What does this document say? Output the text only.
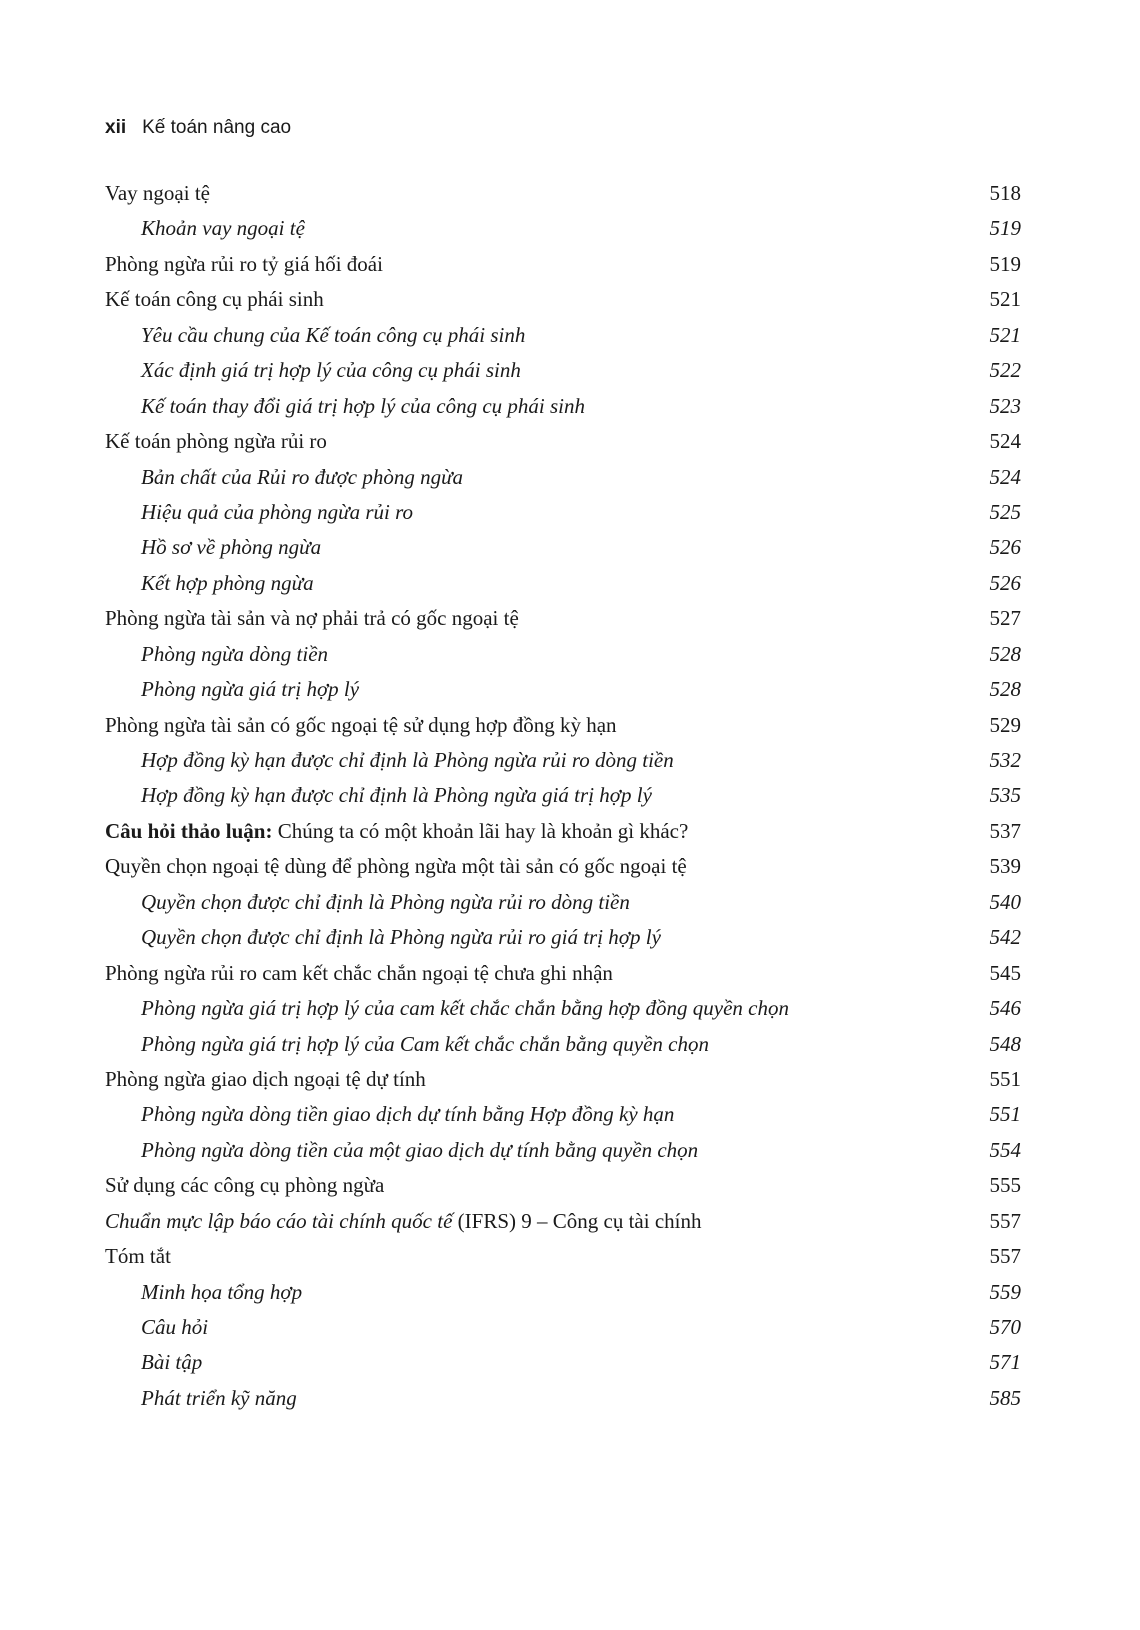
xii Kế toán nâng cao
Vay ngoại tệ	518
Khoản vay ngoại tệ	519
Phòng ngừa rủi ro tỷ giá hối đoái	519
Kế toán công cụ phái sinh	521
Yêu cầu chung của Kế toán công cụ phái sinh	521
Xác định giá trị hợp lý của công cụ phái sinh	522
Kế toán thay đổi giá trị hợp lý của công cụ phái sinh	523
Kế toán phòng ngừa rủi ro	524
Bản chất của Rủi ro được phòng ngừa	524
Hiệu quả của phòng ngừa rủi ro	525
Hồ sơ về phòng ngừa	526
Kết hợp phòng ngừa	526
Phòng ngừa tài sản và nợ phải trả có gốc ngoại tệ	527
Phòng ngừa dòng tiền	528
Phòng ngừa giá trị hợp lý	528
Phòng ngừa tài sản có gốc ngoại tệ sử dụng hợp đồng kỳ hạn	529
Hợp đồng kỳ hạn được chỉ định là Phòng ngừa rủi ro dòng tiền	532
Hợp đồng kỳ hạn được chỉ định là Phòng ngừa giá trị hợp lý	535
Câu hỏi thảo luận: Chúng ta có một khoản lãi hay là khoản gì khác?	537
Quyền chọn ngoại tệ dùng để phòng ngừa một tài sản có gốc ngoại tệ	539
Quyền chọn được chỉ định là Phòng ngừa rủi ro dòng tiền	540
Quyền chọn được chỉ định là Phòng ngừa rủi ro giá trị hợp lý	542
Phòng ngừa rủi ro cam kết chắc chắn ngoại tệ chưa ghi nhận	545
Phòng ngừa giá trị hợp lý của cam kết chắc chắn bằng hợp đồng quyền chọn	546
Phòng ngừa giá trị hợp lý của Cam kết chắc chắn bằng quyền chọn	548
Phòng ngừa giao dịch ngoại tệ dự tính	551
Phòng ngừa dòng tiền giao dịch dự tính bằng Hợp đồng kỳ hạn	551
Phòng ngừa dòng tiền của một giao dịch dự tính bằng quyền chọn	554
Sử dụng các công cụ phòng ngừa	555
Chuẩn mực lập báo cáo tài chính quốc tế (IFRS) 9 – Công cụ tài chính	557
Tóm tắt	557
Minh họa tổng hợp	559
Câu hỏi	570
Bài tập	571
Phát triển kỹ năng	585
